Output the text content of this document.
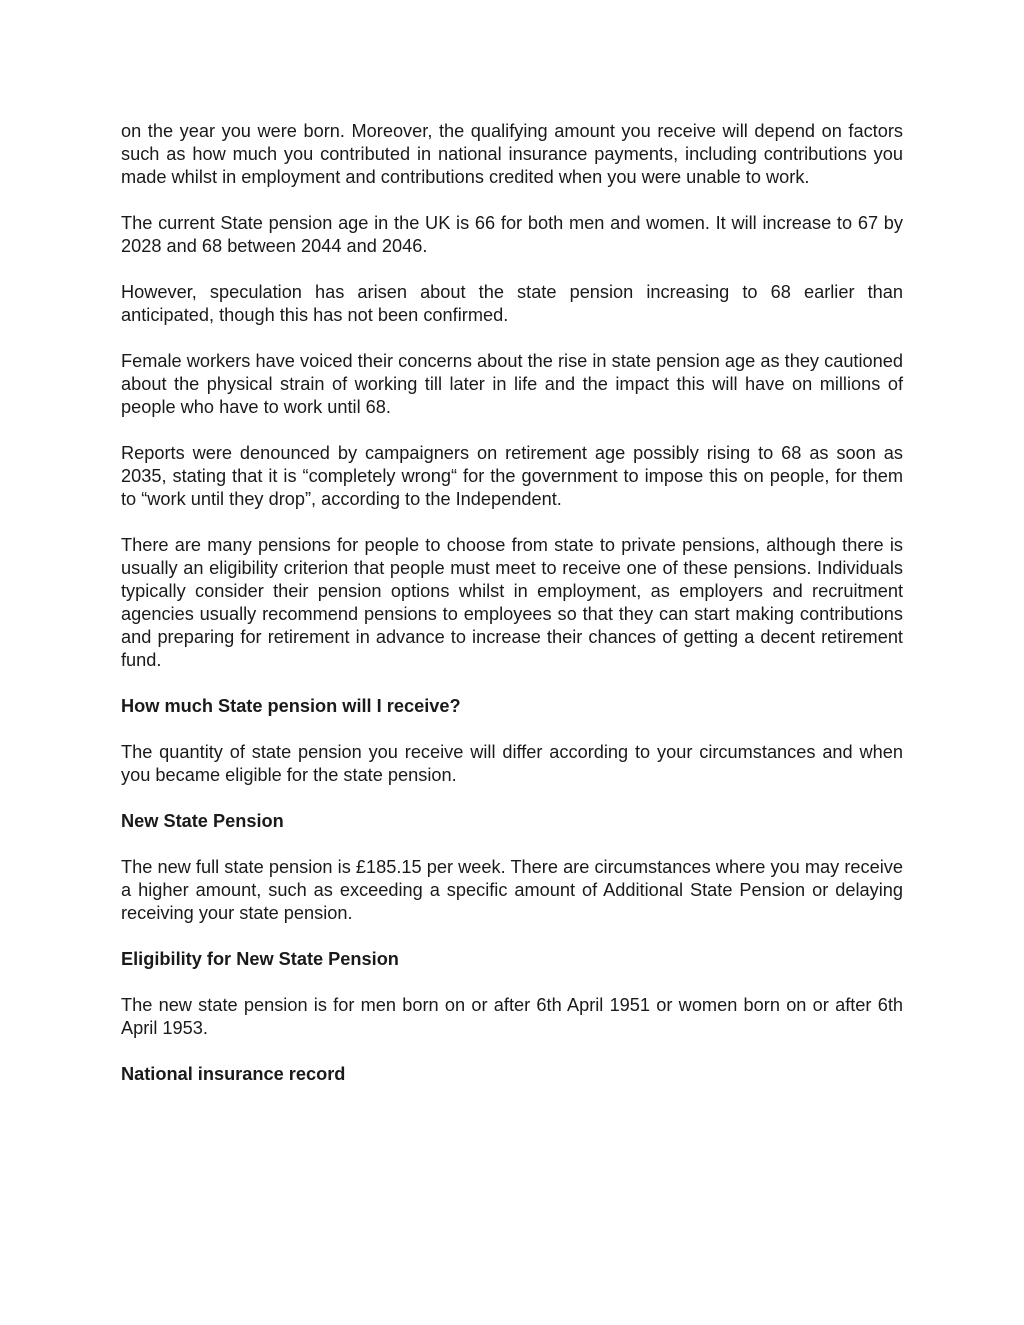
on the year you were born. Moreover, the qualifying amount you receive will depend on factors such as how much you contributed in national insurance payments, including contributions you made whilst in employment and contributions credited when you were unable to work.

The current State pension age in the UK is 66 for both men and women. It will increase to 67 by 2028 and 68 between 2044 and 2046.

However, speculation has arisen about the state pension increasing to 68 earlier than anticipated, though this has not been confirmed.

Female workers have voiced their concerns about the rise in state pension age as they cautioned about the physical strain of working till later in life and the impact this will have on millions of people who have to work until 68.

Reports were denounced by campaigners on retirement age possibly rising to 68 as soon as 2035, stating that it is “completely wrong“ for the government to impose this on people, for them to “work until they drop”, according to the Independent.

There are many pensions for people to choose from state to private pensions, although there is usually an eligibility criterion that people must meet to receive one of these pensions. Individuals typically consider their pension options whilst in employment, as employers and recruitment agencies usually recommend pensions to employees so that they can start making contributions and preparing for retirement in advance to increase their chances of getting a decent retirement fund.

How much State pension will I receive?

The quantity of state pension you receive will differ according to your circumstances and when you became eligible for the state pension.

New State Pension

The new full state pension is £185.15 per week. There are circumstances where you may receive a higher amount, such as exceeding a specific amount of Additional State Pension or delaying receiving your state pension.

Eligibility for New State Pension

The new state pension is for men born on or after 6th April 1951 or women born on or after 6th April 1953.

National insurance record
